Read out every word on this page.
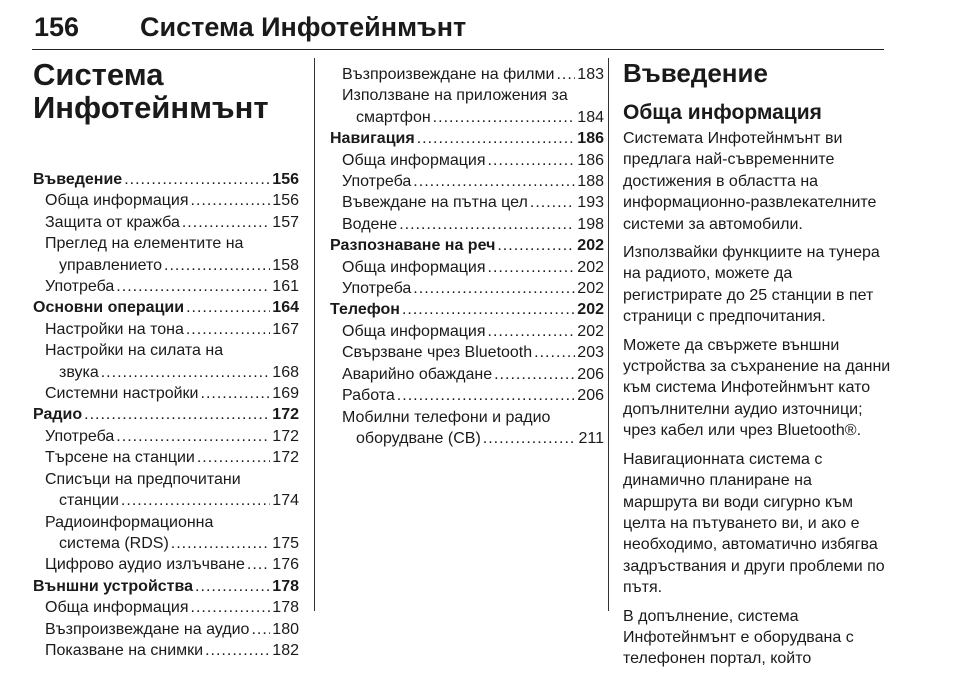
156 Система Инфотейнмънт
Система
Инфотейнмънт
Въведение .....	156
Обща информация .....	156
Защита от кражба .....	157
Преглед на елементите на
управлението .....	158
Употреба .....	161
Основни операции .....	164
Настройки на тона .....	167
Настройки на силата на
звука .....	168
Системни настройки .....	169
Радио .....	172
Употреба .....	172
Търсене на станции .....	172
Списъци на предпочитани
станции .....	174
Радиоинформационна
система (RDS) .....	175
Цифрово аудио излъчване ..... 176
Външни устройства .....	178
Обща информация .....	178
Възпроизвеждане на аудио ..... 180
Показване на снимки .....	182
Възпроизвеждане на филми ..... 183
Използване на приложения за
смартфон .....	184
Навигация .....	186
Обща информация .....	186
Употреба .....	188
Въвеждане на пътна цел .....	193
Водене .....	198
Разпознаване на реч .....	202
Обща информация .....	202
Употреба .....	202
Телефон .....	202
Обща информация .....	202
Свързване чрез Bluetooth .....	203
Аварийно обаждане .....	206
Работа .....	206
Мобилни телефони и радио
оборудване (CB) .....	211
Въведение
Обща информация

Системата Инфотейнмънт ви
предлага най-съвременните
достижения в областта на
информационно-развлекателните
системи за автомобили.

Използвайки функциите на тунера
на радиото, можете да
регистрирате до 25 станции в пет
страници с предпочитания.

Можете да свържете външни
устройства за съхранение на данни
към система Инфотейнмънт като
допълнителни аудио източници;
чрез кабел или чрез Bluetooth®.

Навигационната система с
динамично планиране на
маршрута ви води сигурно към
целта на пътуването ви, и ако е
необходимо, автоматично избягва
задръствания и други проблеми по
пътя.

В допълнение, система
Инфотейнмънт е оборудвана с
телефонен портал, който
